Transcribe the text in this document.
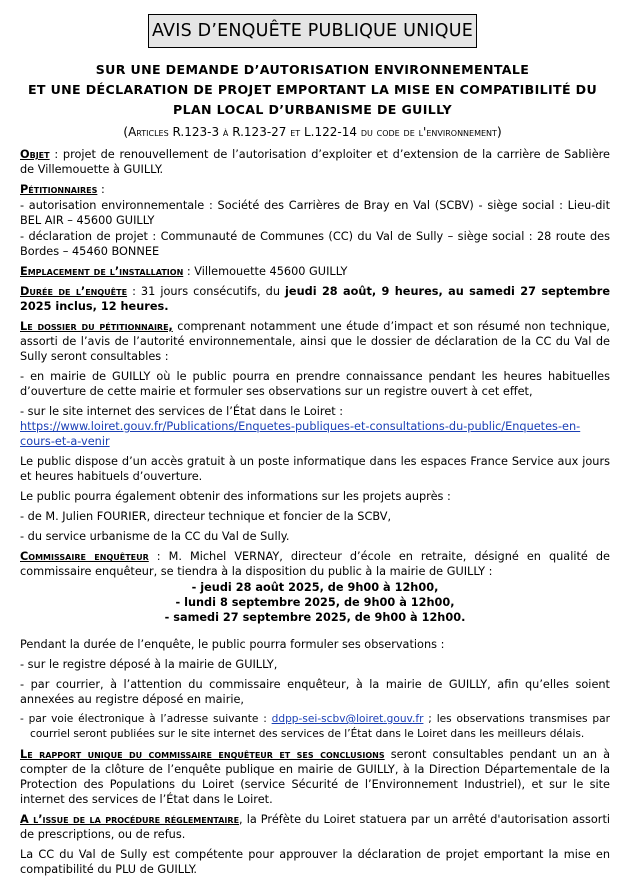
AVIS D’ENQUÊTE PUBLIQUE UNIQUE
SUR UNE DEMANDE D’AUTORISATION ENVIRONNEMENTALE
ET UNE DÉCLARATION DE PROJET EMPORTANT LA MISE EN COMPATIBILITÉ DU
PLAN LOCAL D’URBANISME DE GUILLY
(Articles R.123-3 à R.123-27 et L.122-14 du code de l'environnement)

Objet : projet de renouvellement de l’autorisation d’exploiter et d’extension de la carrière de Sablière de Villemouette à GUILLY.

Pétitionnaires :

- autorisation environnementale : Société des Carrières de Bray en Val (SCBV) - siège social : Lieu-dit BEL AIR – 45600 GUILLY

- déclaration de projet : Communauté de Communes (CC) du Val de Sully – siège social : 28 route des Bordes – 45460 BONNEE

Emplacement de l’installation : Villemouette 45600 GUILLY

Durée de l’enquête : 31 jours consécutifs, du jeudi 28 août, 9 heures, au samedi 27 septembre 2025 inclus, 12 heures.

Le dossier du pétitionnaire, comprenant notamment une étude d’impact et son résumé non technique, assorti de l’avis de l’autorité environnementale, ainsi que le dossier de déclaration de la CC du Val de Sully seront consultables :

- en mairie de GUILLY où le public pourra en prendre connaissance pendant les heures habituelles d’ouverture de cette mairie et formuler ses observations sur un registre ouvert à cet effet,

- sur le site internet des services de l’État dans le Loiret :
https://www.loiret.gouv.fr/Publications/Enquetes-publiques-et-consultations-du-public/Enquetes-en-cours-et-a-venir

Le public dispose d’un accès gratuit à un poste informatique dans les espaces France Service aux jours et heures habituels d’ouverture.

Le public pourra également obtenir des informations sur les projets auprès :

- de M. Julien FOURIER, directeur technique et foncier de la SCBV,

- du service urbanisme de la CC du Val de Sully.

Commissaire enquêteur : M. Michel VERNAY, directeur d’école en retraite, désigné en qualité de commissaire enquêteur, se tiendra à la disposition du public à la mairie de GUILLY :

- jeudi 28 août 2025, de 9h00 à 12h00,

- lundi 8 septembre 2025, de 9h00 à 12h00,

- samedi 27 septembre 2025, de 9h00 à 12h00.

Pendant la durée de l’enquête, le public pourra formuler ses observations :

- sur le registre déposé à la mairie de GUILLY,

- par courrier, à l’attention du commissaire enquêteur, à la mairie de GUILLY, afin qu’elles soient annexées au registre déposé en mairie,

- par voie électronique à l’adresse suivante : ddpp-sei-scbv@loiret.gouv.fr ; les observations transmises par courriel seront publiées sur le site internet des services de l’État dans le Loiret dans les meilleurs délais.

Le rapport unique du commissaire enquêteur et ses conclusions seront consultables pendant un an à compter de la clôture de l’enquête publique en mairie de GUILLY, à la Direction Départementale de la Protection des Populations du Loiret (service Sécurité de l’Environnement Industriel), et sur le site internet des services de l’État dans le Loiret.

A l’issue de la procédure réglementaire, la Préfète du Loiret statuera par un arrêté d'autorisation assorti de prescriptions, ou de refus.

La CC du Val de Sully est compétente pour approuver la déclaration de projet emportant la mise en compatibilité du PLU de GUILLY.
